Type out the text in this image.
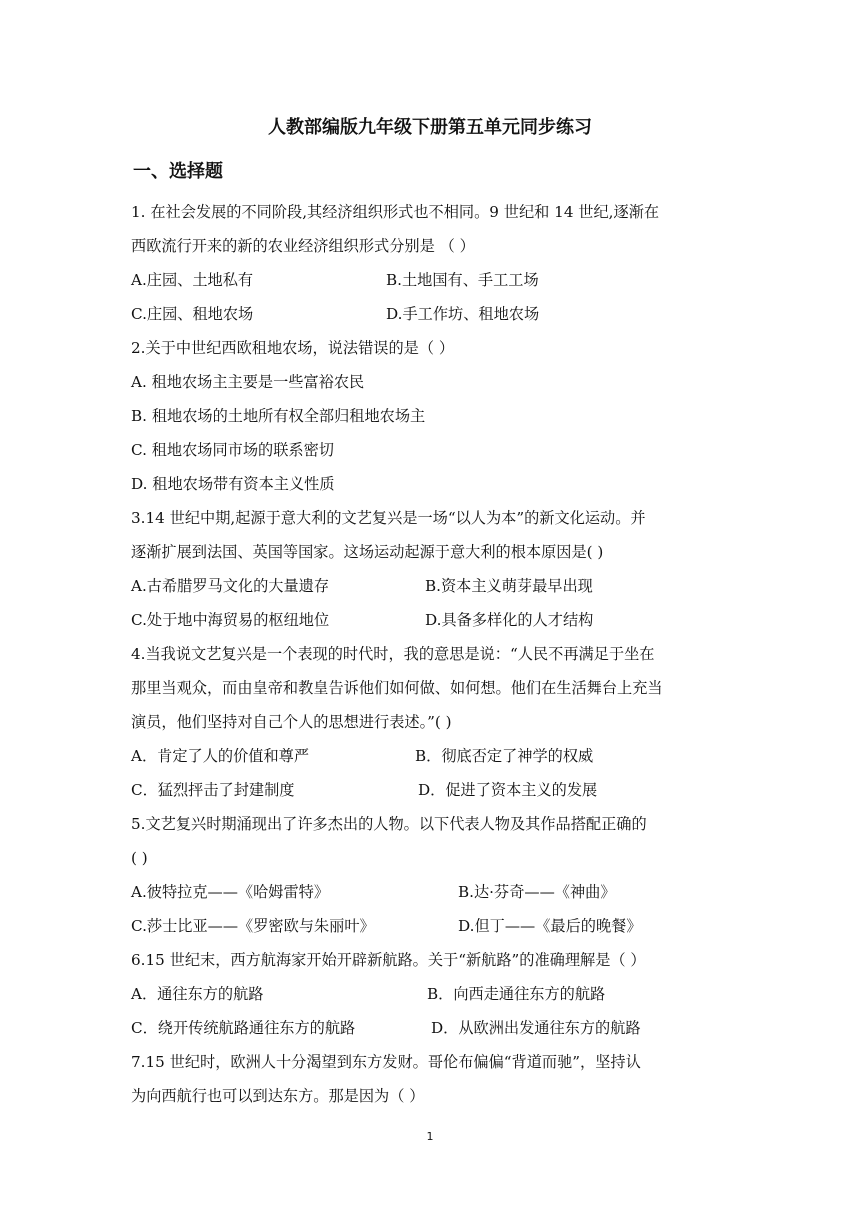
人教部编版九年级下册第五单元同步练习
一、选择题
1. 在社会发展的不同阶段,其经济组织形式也不相同。9 世纪和 14 世纪,逐渐在
西欧流行开来的新的农业经济组织形式分别是 （ ）
A.庄园、土地私有	B.土地国有、手工工场
C.庄园、租地农场	D.手工作坊、租地农场
2.关于中世纪西欧租地农场，说法错误的是（ ）
A. 租地农场主主要是一些富裕农民
B. 租地农场的土地所有权全部归租地农场主
C. 租地农场同市场的联系密切
D. 租地农场带有资本主义性质
3.14 世纪中期,起源于意大利的文艺复兴是一场“以人为本”的新文化运动。并
逐渐扩展到法国、英国等国家。这场运动起源于意大利的根本原因是( )
A.古希腊罗马文化的大量遗存	B.资本主义萌芽最早出现
C.处于地中海贸易的枢纽地位	D.具备多样化的人才结构
4.当我说文艺复兴是一个表现的时代时，我的意思是说：“人民不再满足于坐在
那里当观众，而由皇帝和教皇告诉他们如何做、如何想。他们在生活舞台上充当
演员，他们坚持对自己个人的思想进行表述。”( )
A．肯定了人的价值和尊严	B．彻底否定了神学的权威
C．猛烈抨击了封建制度	D．促进了资本主义的发展
5.文艺复兴时期涌现出了许多杰出的人物。以下代表人物及其作品搭配正确的
( )
A.彼特拉克——《哈姆雷特》	B.达·芬奇——《神曲》
C.莎士比亚——《罗密欧与朱丽叶》	D.但丁——《最后的晚餐》
6.15 世纪末，西方航海家开始开辟新航路。关于“新航路”的准确理解是（ ）
A．通往东方的航路	B．向西走通往东方的航路
C．绕开传统航路通往东方的航路	D．从欧洲出发通往东方的航路
7.15 世纪时，欧洲人十分渴望到东方发财。哥伦布偏偏“背道而驰”，坚持认
为向西航行也可以到达东方。那是因为（ ）
1
